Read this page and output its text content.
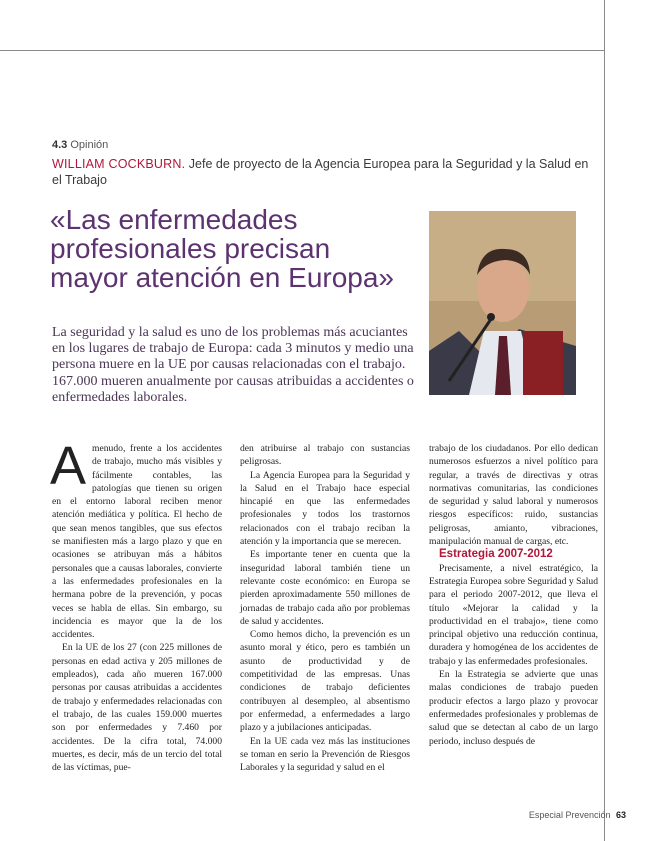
4.3 Opinión
WILLIAM COCKBURN. Jefe de proyecto de la Agencia Europea para la Seguridad y la Salud en el Trabajo
«Las enfermedades profesionales precisan mayor atención en Europa»

La seguridad y la salud es uno de los problemas más acuciantes en los lugares de trabajo de Europa: cada 3 minutos y medio una persona muere en la UE por causas relacionadas con el trabajo. 167.000 mueren anualmente por causas atribuidas a accidentes o enfermedades laborales.

A menudo, frente a los accidentes de trabajo, mucho más visibles y fácilmente contables, las patologías que tienen su origen en el entorno laboral reciben menor atención mediática y política. El hecho de que sean menos tangibles, que sus efectos se manifiesten más a largo plazo y que en ocasiones se atribuyan más a hábitos personales que a causas laborales, convierte a las enfermedades profesionales en la hermana pobre de la prevención, y pocas veces se habla de ellas. Sin embargo, su incidencia es mayor que la de los accidentes.

En la UE de los 27 (con 225 millones de personas en edad activa y 205 millones de empleados), cada año mueren 167.000 personas por causas atribuidas a accidentes de trabajo y enfermedades relacionadas con el trabajo, de las cuales 159.000 muertes son por enfermedades y 7.460 por accidentes. De la cifra total, 74.000 muertes, es decir, más de un tercio del total de las víctimas, pue-

den atribuirse al trabajo con sustancias peligrosas.

La Agencia Europea para la Seguridad y la Salud en el Trabajo hace especial hincapié en que las enfermedades profesionales y todos los trastornos relacionados con el trabajo reciban la atención y la importancia que se merecen.

Es importante tener en cuenta que la inseguridad laboral también tiene un relevante coste económico: en Europa se pierden aproximadamente 550 millones de jornadas de trabajo cada año por problemas de salud y accidentes.

Como hemos dicho, la prevención es un asunto moral y ético, pero es también un asunto de productividad y de competitividad de las empresas. Unas condiciones de trabajo deficientes contribuyen al desempleo, al absentismo por enfermedad, a enfermedades a largo plazo y a jubilaciones anticipadas.

En la UE cada vez más las instituciones se toman en serio la Prevención de Riesgos Laborales y la seguridad y salud en el

trabajo de los ciudadanos. Por ello dedican numerosos esfuerzos a nivel político para regular, a través de directivas y otras normativas comunitarias, las condiciones de seguridad y salud laboral y numerosos riesgos específicos: ruido, sustancias peligrosas, amianto, vibraciones, manipulación manual de cargas, etc.

Estrategia 2007-2012

Precisamente, a nivel estratégico, la Estrategia Europea sobre Seguridad y Salud para el periodo 2007-2012, que lleva el título «Mejorar la calidad y la productividad en el trabajo», tiene como principal objetivo una reducción continua, duradera y homogénea de los accidentes de trabajo y las enfermedades profesionales.

En la Estrategia se advierte que unas malas condiciones de trabajo pueden producir efectos a largo plazo y provocar enfermedades profesionales y problemas de salud que se detectan al cabo de un largo periodo, incluso después de

Especial Prevención 63
